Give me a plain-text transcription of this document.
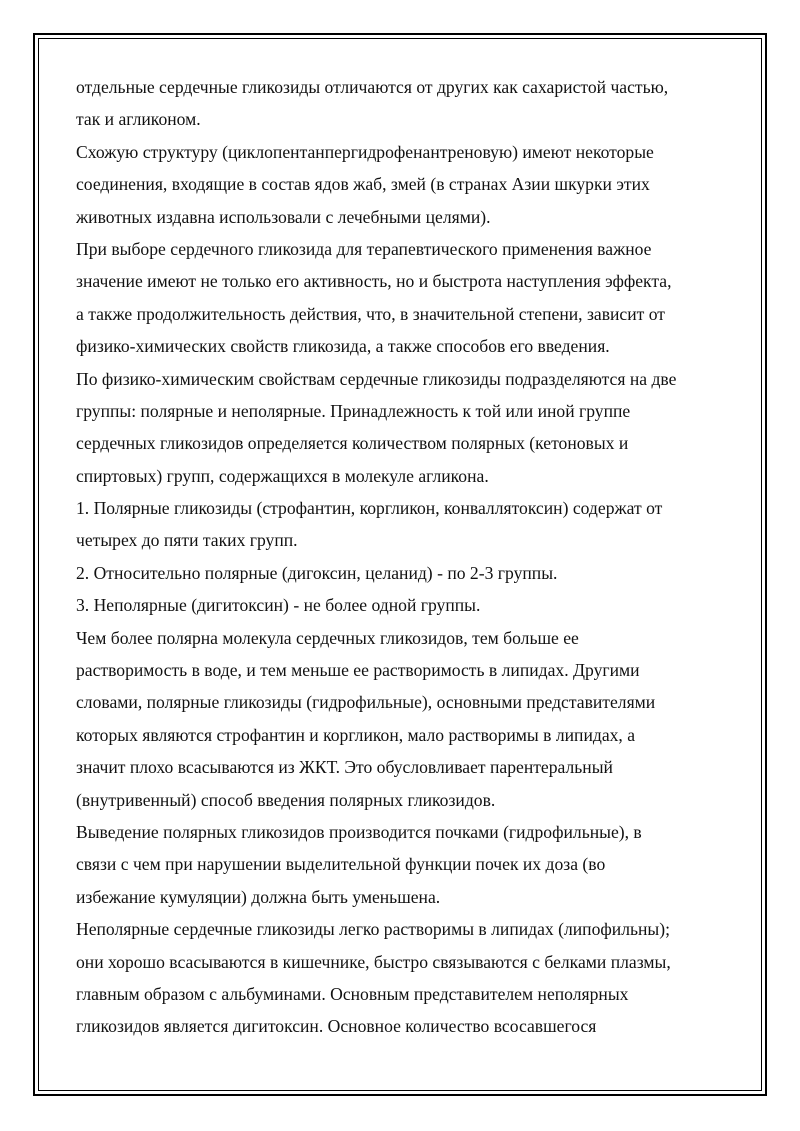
отдельные сердечные гликозиды отличаются от других как сахаристой частью,
так и агликоном.
Схожую структуру (циклопентанпергидрофенантреновую) имеют некоторые
соединения, входящие в состав ядов жаб, змей (в странах Азии шкурки этих
животных издавна использовали с лечебными целями).
При выборе сердечного гликозида для терапевтического применения важное
значение имеют не только его активность, но и быстрота наступления эффекта,
а также продолжительность действия, что, в значительной степени, зависит от
физико-химических свойств гликозида, а также способов его введения.
По физико-химическим свойствам сердечные гликозиды подразделяются на две
группы: полярные и неполярные. Принадлежность к той или иной группе
сердечных гликозидов определяется количеством полярных (кетоновых и
спиртовых) групп, содержащихся в молекуле агликона.
1. Полярные гликозиды (строфантин, коргликон, конваллятоксин) содержат от
четырех до пяти таких групп.
2. Относительно полярные (дигоксин, целанид) - по 2-3 группы.
3. Неполярные (дигитоксин) - не более одной группы.
Чем более полярна молекула сердечных гликозидов, тем больше ее
растворимость в воде, и тем меньше ее растворимость в липидах. Другими
словами, полярные гликозиды (гидрофильные), основными представителями
которых являются строфантин и коргликон, мало растворимы в липидах, а
значит плохо всасываются из ЖКТ. Это обусловливает парентеральный
(внутривенный) способ введения полярных гликозидов.
Выведение полярных гликозидов производится почками (гидрофильные), в
связи с чем при нарушении выделительной функции почек их доза (во
избежание кумуляции) должна быть уменьшена.
Неполярные сердечные гликозиды легко растворимы в липидах (липофильны);
они хорошо всасываются в кишечнике, быстро связываются с белками плазмы,
главным образом с альбуминами. Основным представителем неполярных
гликозидов является дигитоксин. Основное количество всосавшегося
